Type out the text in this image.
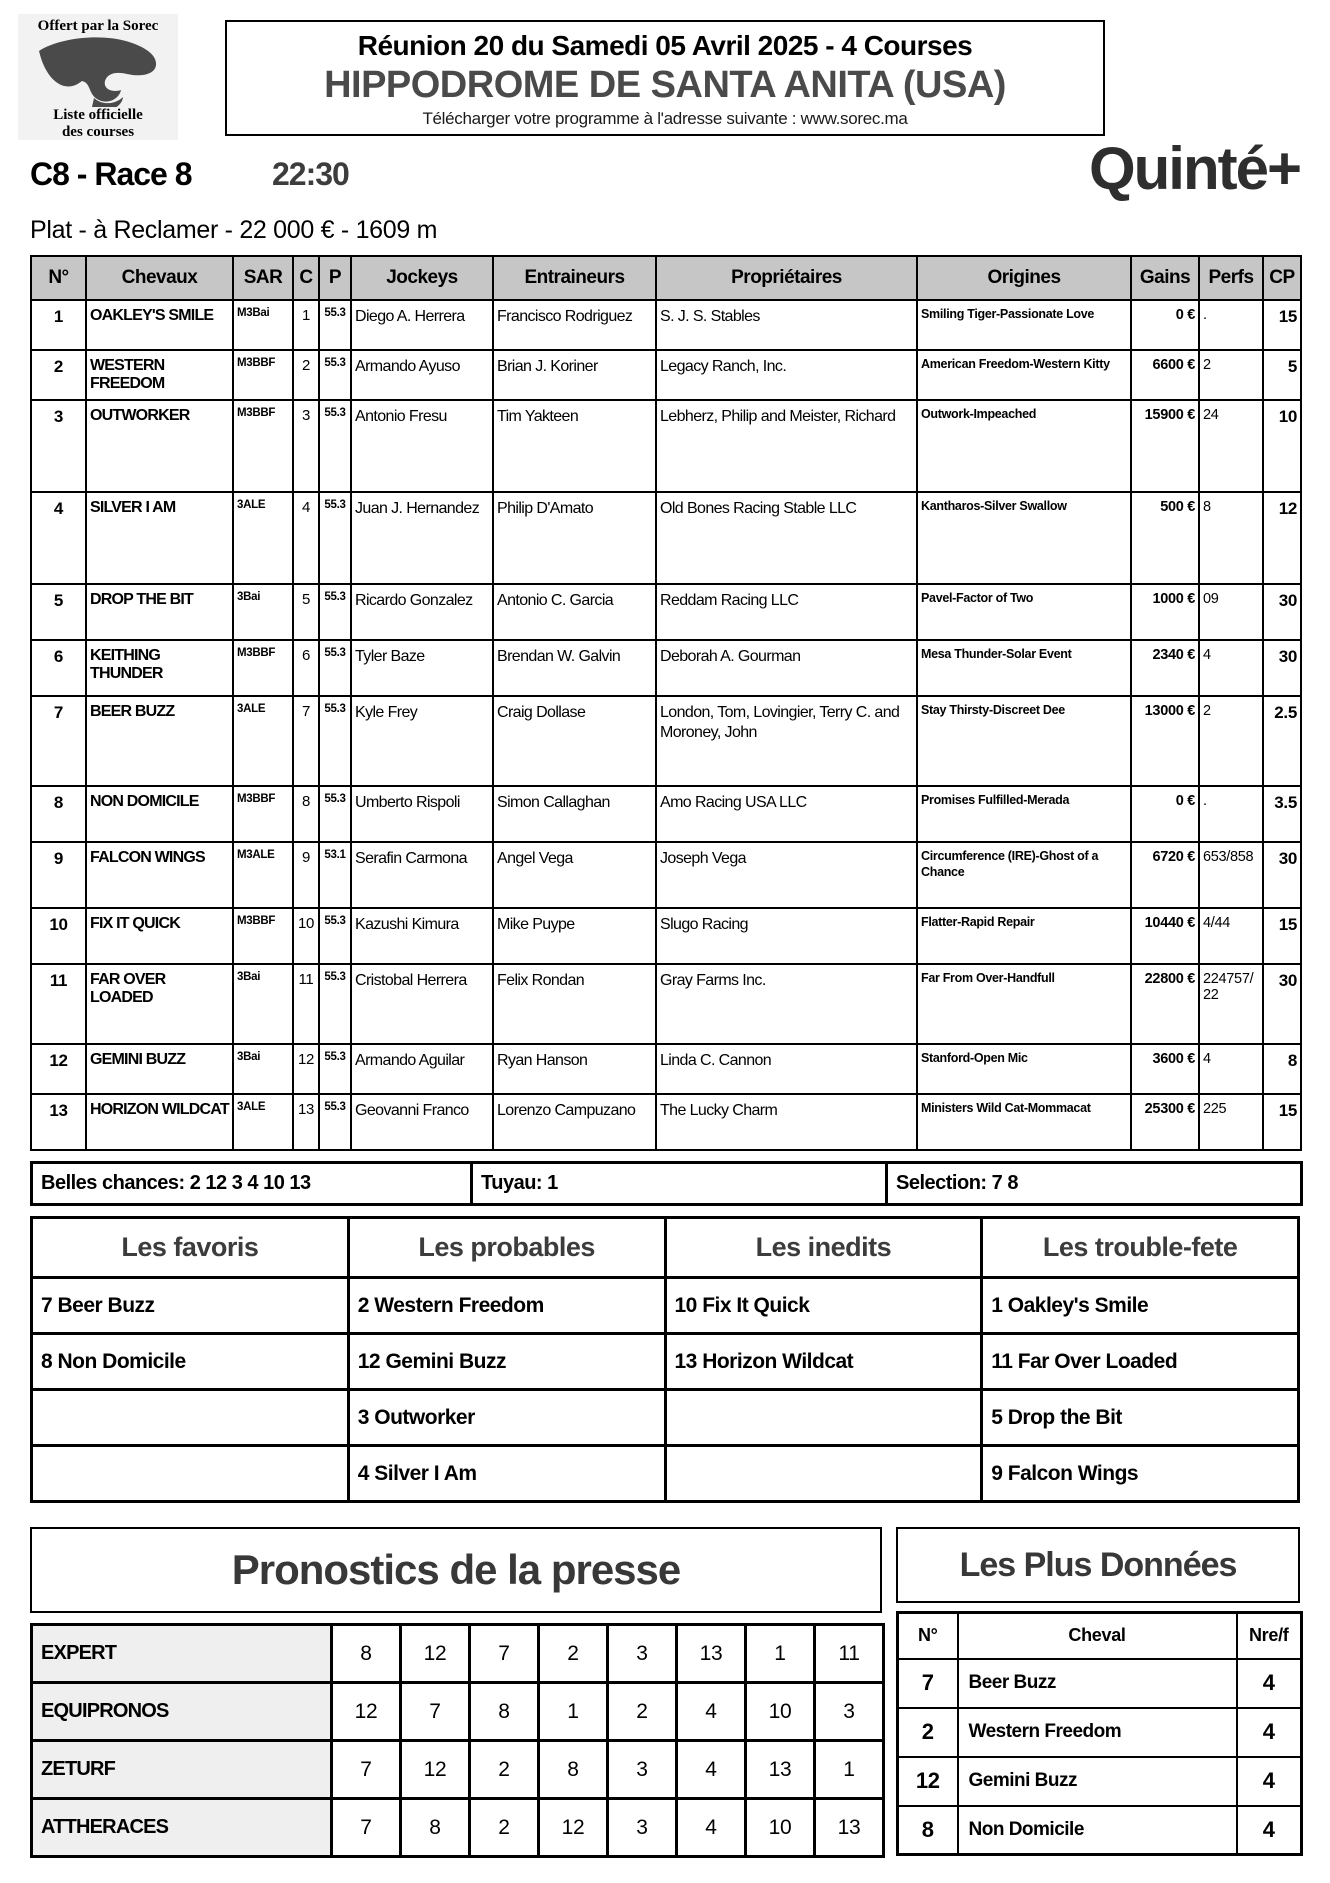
Offert par la Sorec
Liste officielle
des courses
Réunion 20 du Samedi 05 Avril 2025 - 4 Courses
HIPPODROME DE SANTA ANITA (USA)
Télécharger votre programme à l'adresse suivante : www.sorec.ma
C8 - Race 8	22:30	Quinté+
Plat - à Reclamer - 22 000 € - 1609 m
N°	Chevaux	SAR	C	P	Jockeys	Entraineurs	Propriétaires	Origines	Gains	Perfs	CP
1	OAKLEY'S SMILE	M3Bai	1	55.3	Diego A. Herrera	Francisco Rodriguez	S. J. S. Stables	Smiling Tiger-Passionate Love	0 €	.	15
2	WESTERN FREEDOM	M3BBF	2	55.3	Armando Ayuso	Brian J. Koriner	Legacy Ranch, Inc.	American Freedom-Western Kitty	6600 €	2	5
3	OUTWORKER	M3BBF	3	55.3	Antonio Fresu	Tim Yakteen	Lebherz, Philip and Meister, Richard	Outwork-Impeached	15900 €	24	10
4	SILVER I AM	3ALE	4	55.3	Juan J. Hernandez	Philip D'Amato	Old Bones Racing Stable LLC	Kantharos-Silver Swallow	500 €	8	12
5	DROP THE BIT	3Bai	5	55.3	Ricardo Gonzalez	Antonio C. Garcia	Reddam Racing LLC	Pavel-Factor of Two	1000 €	09	30
6	KEITHING THUNDER	M3BBF	6	55.3	Tyler Baze	Brendan W. Galvin	Deborah A. Gourman	Mesa Thunder-Solar Event	2340 €	4	30
7	BEER BUZZ	3ALE	7	55.3	Kyle Frey	Craig Dollase	London, Tom, Lovingier, Terry C. and Moroney, John	Stay Thirsty-Discreet Dee	13000 €	2	2.5
8	NON DOMICILE	M3BBF	8	55.3	Umberto Rispoli	Simon Callaghan	Amo Racing USA LLC	Promises Fulfilled-Merada	0 €	.	3.5
9	FALCON WINGS	M3ALE	9	53.1	Serafin Carmona	Angel Vega	Joseph Vega	Circumference (IRE)-Ghost of a Chance	6720 €	653/858	30
10	FIX IT QUICK	M3BBF	10	55.3	Kazushi Kimura	Mike Puype	Slugo Racing	Flatter-Rapid Repair	10440 €	4/44	15
11	FAR OVER LOADED	3Bai	11	55.3	Cristobal Herrera	Felix Rondan	Gray Farms Inc.	Far From Over-Handfull	22800 €	224757/22	30
12	GEMINI BUZZ	3Bai	12	55.3	Armando Aguilar	Ryan Hanson	Linda C. Cannon	Stanford-Open Mic	3600 €	4	8
13	HORIZON WILDCAT	3ALE	13	55.3	Geovanni Franco	Lorenzo Campuzano	The Lucky Charm	Ministers Wild Cat-Mommacat	25300 €	225	15
Belles chances: 2 12 3 4 10 13	Tuyau: 1	Selection: 7 8
Les favoris	Les probables	Les inedits	Les trouble-fete
7 Beer Buzz	2 Western Freedom	10 Fix It Quick	1 Oakley's Smile
8 Non Domicile	12 Gemini Buzz	13 Horizon Wildcat	11 Far Over Loaded
	3 Outworker		5 Drop the Bit
	4 Silver I Am		9 Falcon Wings
Pronostics de la presse
EXPERT	8	12	7	2	3	13	1	11
EQUIPRONOS	12	7	8	1	2	4	10	3
ZETURF	7	12	2	8	3	4	13	1
ATTHERACES	7	8	2	12	3	4	10	13
Les Plus Données
N°	Cheval	Nre/f
7	Beer Buzz	4
2	Western Freedom	4
12	Gemini Buzz	4
8	Non Domicile	4
